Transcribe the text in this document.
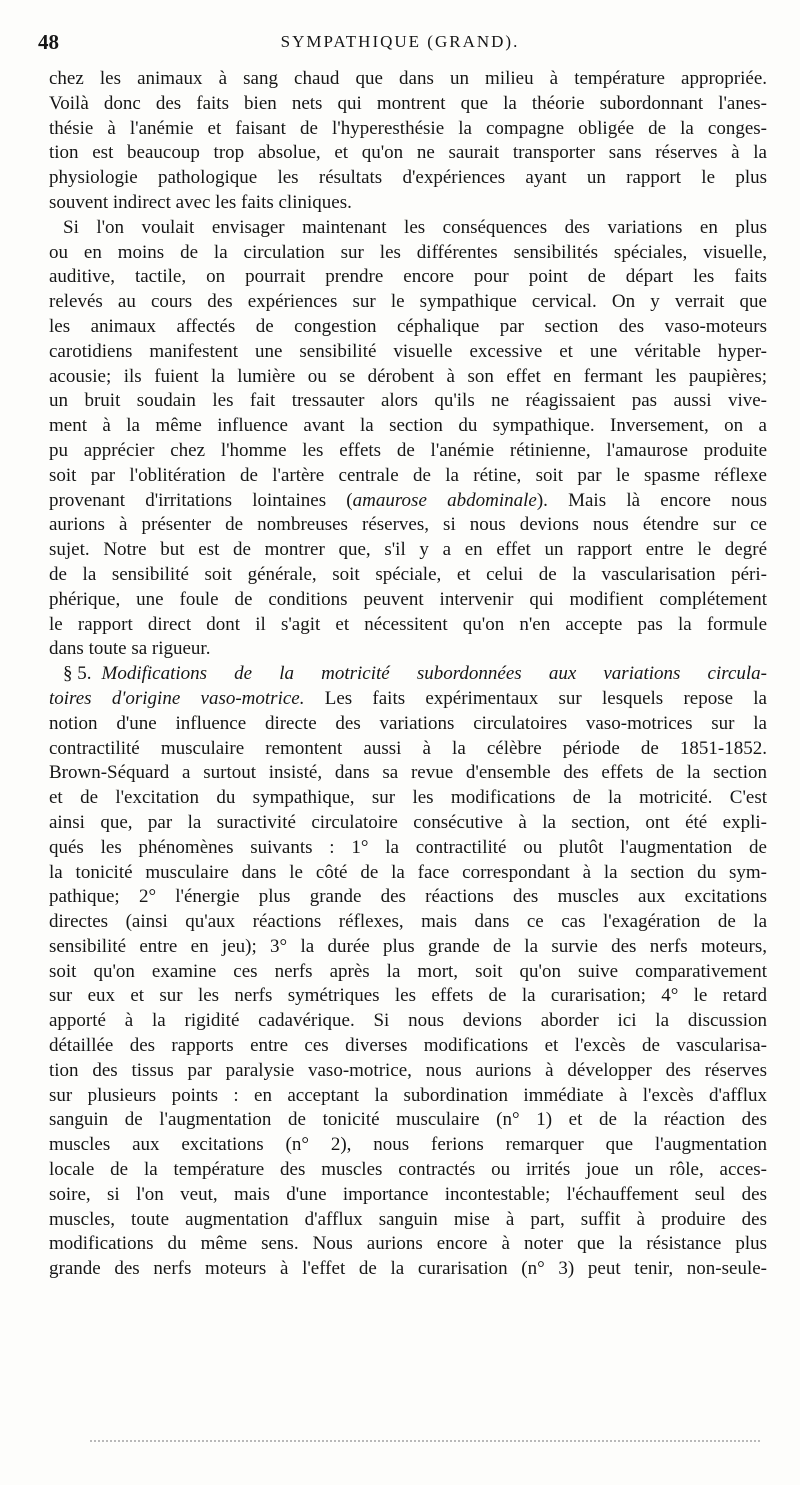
48	SYMPATHIQUE (GRAND).
chez les animaux à sang chaud que dans un milieu à température appropriée.
Voilà donc des faits bien nets qui montrent que la théorie subordonnant l'anes-
thésie à l'anémie et faisant de l'hyperesthésie la compagne obligée de la conges-
tion est beaucoup trop absolue, et qu'on ne saurait transporter sans réserves à la
physiologie pathologique les résultats d'expériences ayant un rapport le plus
souvent indirect avec les faits cliniques.
Si l'on voulait envisager maintenant les conséquences des variations en plus
ou en moins de la circulation sur les différentes sensibilités spéciales, visuelle,
auditive, tactile, on pourrait prendre encore pour point de départ les faits
relevés au cours des expériences sur le sympathique cervical. On y verrait que
les animaux affectés de congestion céphalique par section des vaso-moteurs
carotidiens manifestent une sensibilité visuelle excessive et une véritable hyper-
acousie; ils fuient la lumière ou se dérobent à son effet en fermant les paupières;
un bruit soudain les fait tressauter alors qu'ils ne réagissaient pas aussi vive-
ment à la même influence avant la section du sympathique. Inversement, on a
pu apprécier chez l'homme les effets de l'anémie rétinienne, l'amaurose produite
soit par l'oblitération de l'artère centrale de la rétine, soit par le spasme réflexe
provenant d'irritations lointaines (amaurose abdominale). Mais là encore nous
aurions à présenter de nombreuses réserves, si nous devions nous étendre sur ce
sujet. Notre but est de montrer que, s'il y a en effet un rapport entre le degré
de la sensibilité soit générale, soit spéciale, et celui de la vascularisation péri-
phérique, une foule de conditions peuvent intervenir qui modifient complétement
le rapport direct dont il s'agit et nécessitent qu'on n'en accepte pas la formule
dans toute sa rigueur.
§ 5. Modifications de la motricité subordonnées aux variations circula-
toires d'origine vaso-motrice. Les faits expérimentaux sur lesquels repose la
notion d'une influence directe des variations circulatoires vaso-motrices sur la
contractilité musculaire remontent aussi à la célèbre période de 1851-1852.
Brown-Séquard a surtout insisté, dans sa revue d'ensemble des effets de la section
et de l'excitation du sympathique, sur les modifications de la motricité. C'est
ainsi que, par la suractivité circulatoire consécutive à la section, ont été expli-
qués les phénomènes suivants : 1° la contractilité ou plutôt l'augmentation de
la tonicité musculaire dans le côté de la face correspondant à la section du sym-
pathique; 2° l'énergie plus grande des réactions des muscles aux excitations
directes (ainsi qu'aux réactions réflexes, mais dans ce cas l'exagération de la
sensibilité entre en jeu); 3° la durée plus grande de la survie des nerfs moteurs,
soit qu'on examine ces nerfs après la mort, soit qu'on suive comparativement
sur eux et sur les nerfs symétriques les effets de la curarisation; 4° le retard
apporté à la rigidité cadavérique. Si nous devions aborder ici la discussion
détaillée des rapports entre ces diverses modifications et l'excès de vascularisa-
tion des tissus par paralysie vaso-motrice, nous aurions à développer des réserves
sur plusieurs points : en acceptant la subordination immédiate à l'excès d'afflux
sanguin de l'augmentation de tonicité musculaire (n° 1) et de la réaction des
muscles aux excitations (n° 2), nous ferions remarquer que l'augmentation
locale de la température des muscles contractés ou irrités joue un rôle, acces-
soire, si l'on veut, mais d'une importance incontestable; l'échauffement seul des
muscles, toute augmentation d'afflux sanguin mise à part, suffit à produire des
modifications du même sens. Nous aurions encore à noter que la résistance plus
grande des nerfs moteurs à l'effet de la curarisation (n° 3) peut tenir, non-seule-
